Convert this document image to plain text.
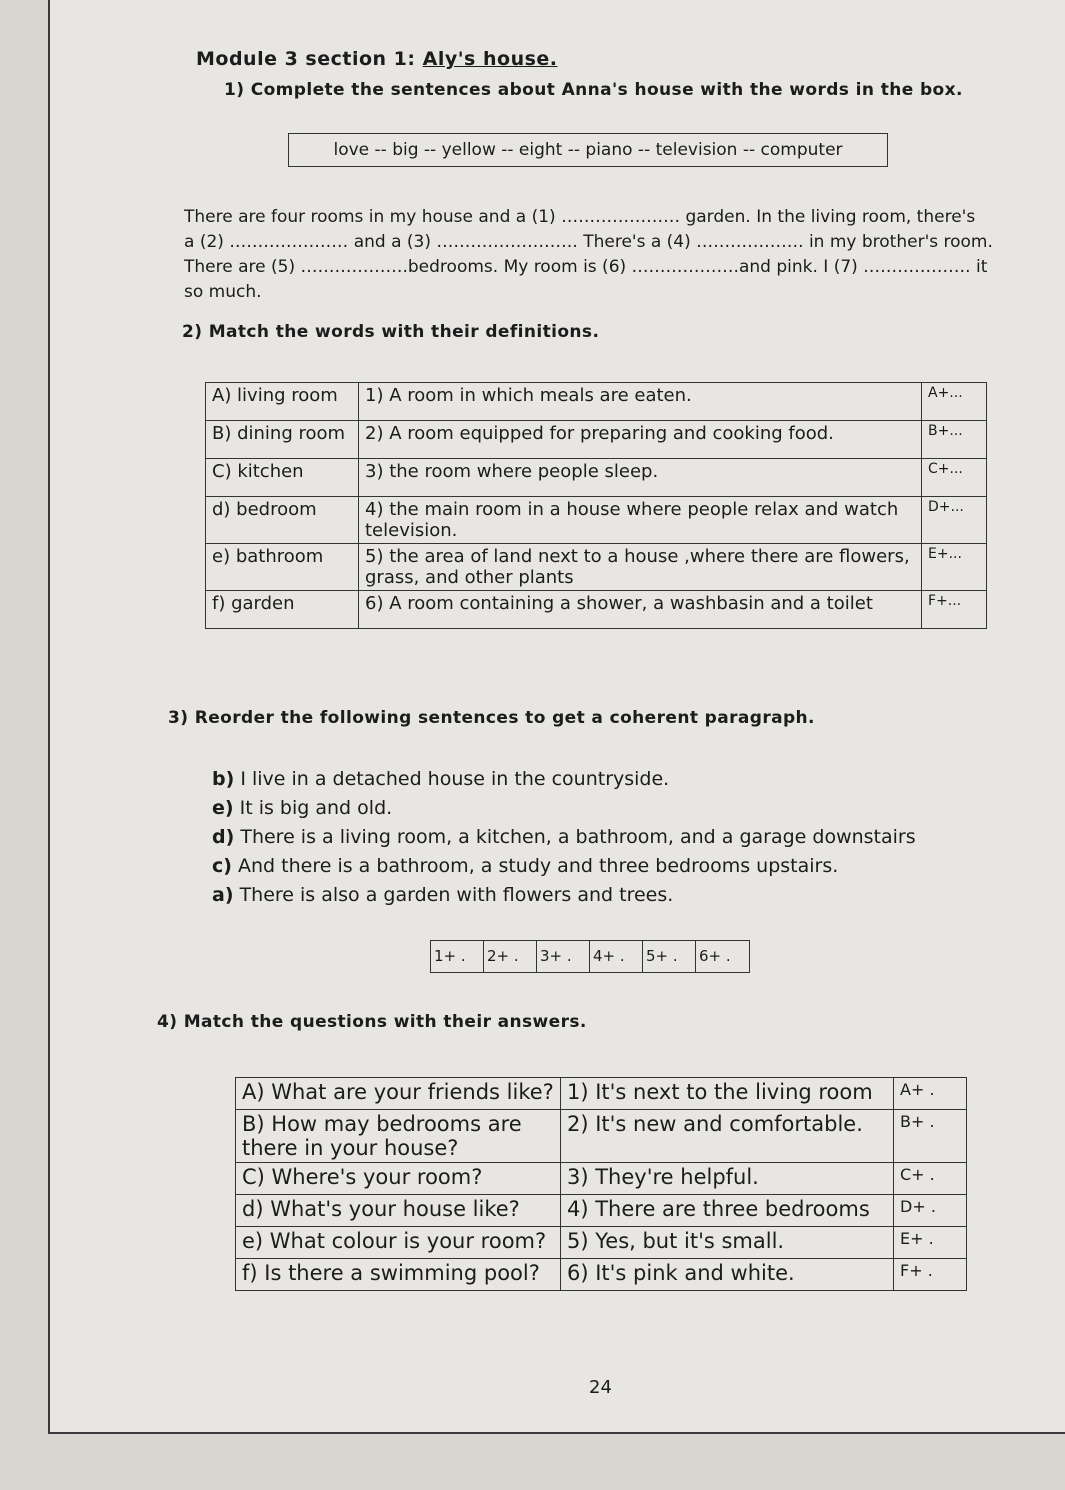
Module 3 section 1: Aly's house.
1) Complete the sentences about Anna's house with the words in the box.
love -- big -- yellow -- eight -- piano -- television -- computer
There are four rooms in my house and a (1) ………………… garden. In the living room, there's
a (2) ………………… and a (3) ……………………. There's a (4) ………………. in my brother's room.
There are (5) ……………….bedrooms. My room is (6) ……………….and pink. I (7) ………………. it
so much.
2) Match the words with their definitions.
A) living room	1) A room in which meals are eaten.	A+...
B) dining room	2) A room equipped for preparing and cooking food.	B+...
C) kitchen	3) the room where people sleep.	C+...
d) bedroom	4) the main room in a house where people relax and watch television.	D+...
e) bathroom	5) the area of land next to a house ,where there are flowers, grass, and other plants	E+...
f) garden	6) A room containing a shower, a washbasin and a toilet	F+...
3) Reorder the following sentences to get a coherent paragraph.
b) I live in a detached house in the countryside.
e) It is big and old.
d) There is a living room, a kitchen, a bathroom, and a garage downstairs
c) And there is a bathroom, a study and three bedrooms upstairs.
a) There is also a garden with flowers and trees.
1+ .	2+ .	3+ .	4+ .	5+ .	6+ .
4) Match the questions with their answers.
A) What are your friends like?	1) It's next to the living room	A+ .
B) How may bedrooms are there in your house?	2) It's new and comfortable.	B+ .
C) Where's your room?	3) They're helpful.	C+ .
d) What's your house like?	4) There are three bedrooms	D+ .
e) What colour is your room?	5) Yes, but it's small.	E+ .
f) Is there a swimming pool?	6) It's pink and white.	F+ .
24
